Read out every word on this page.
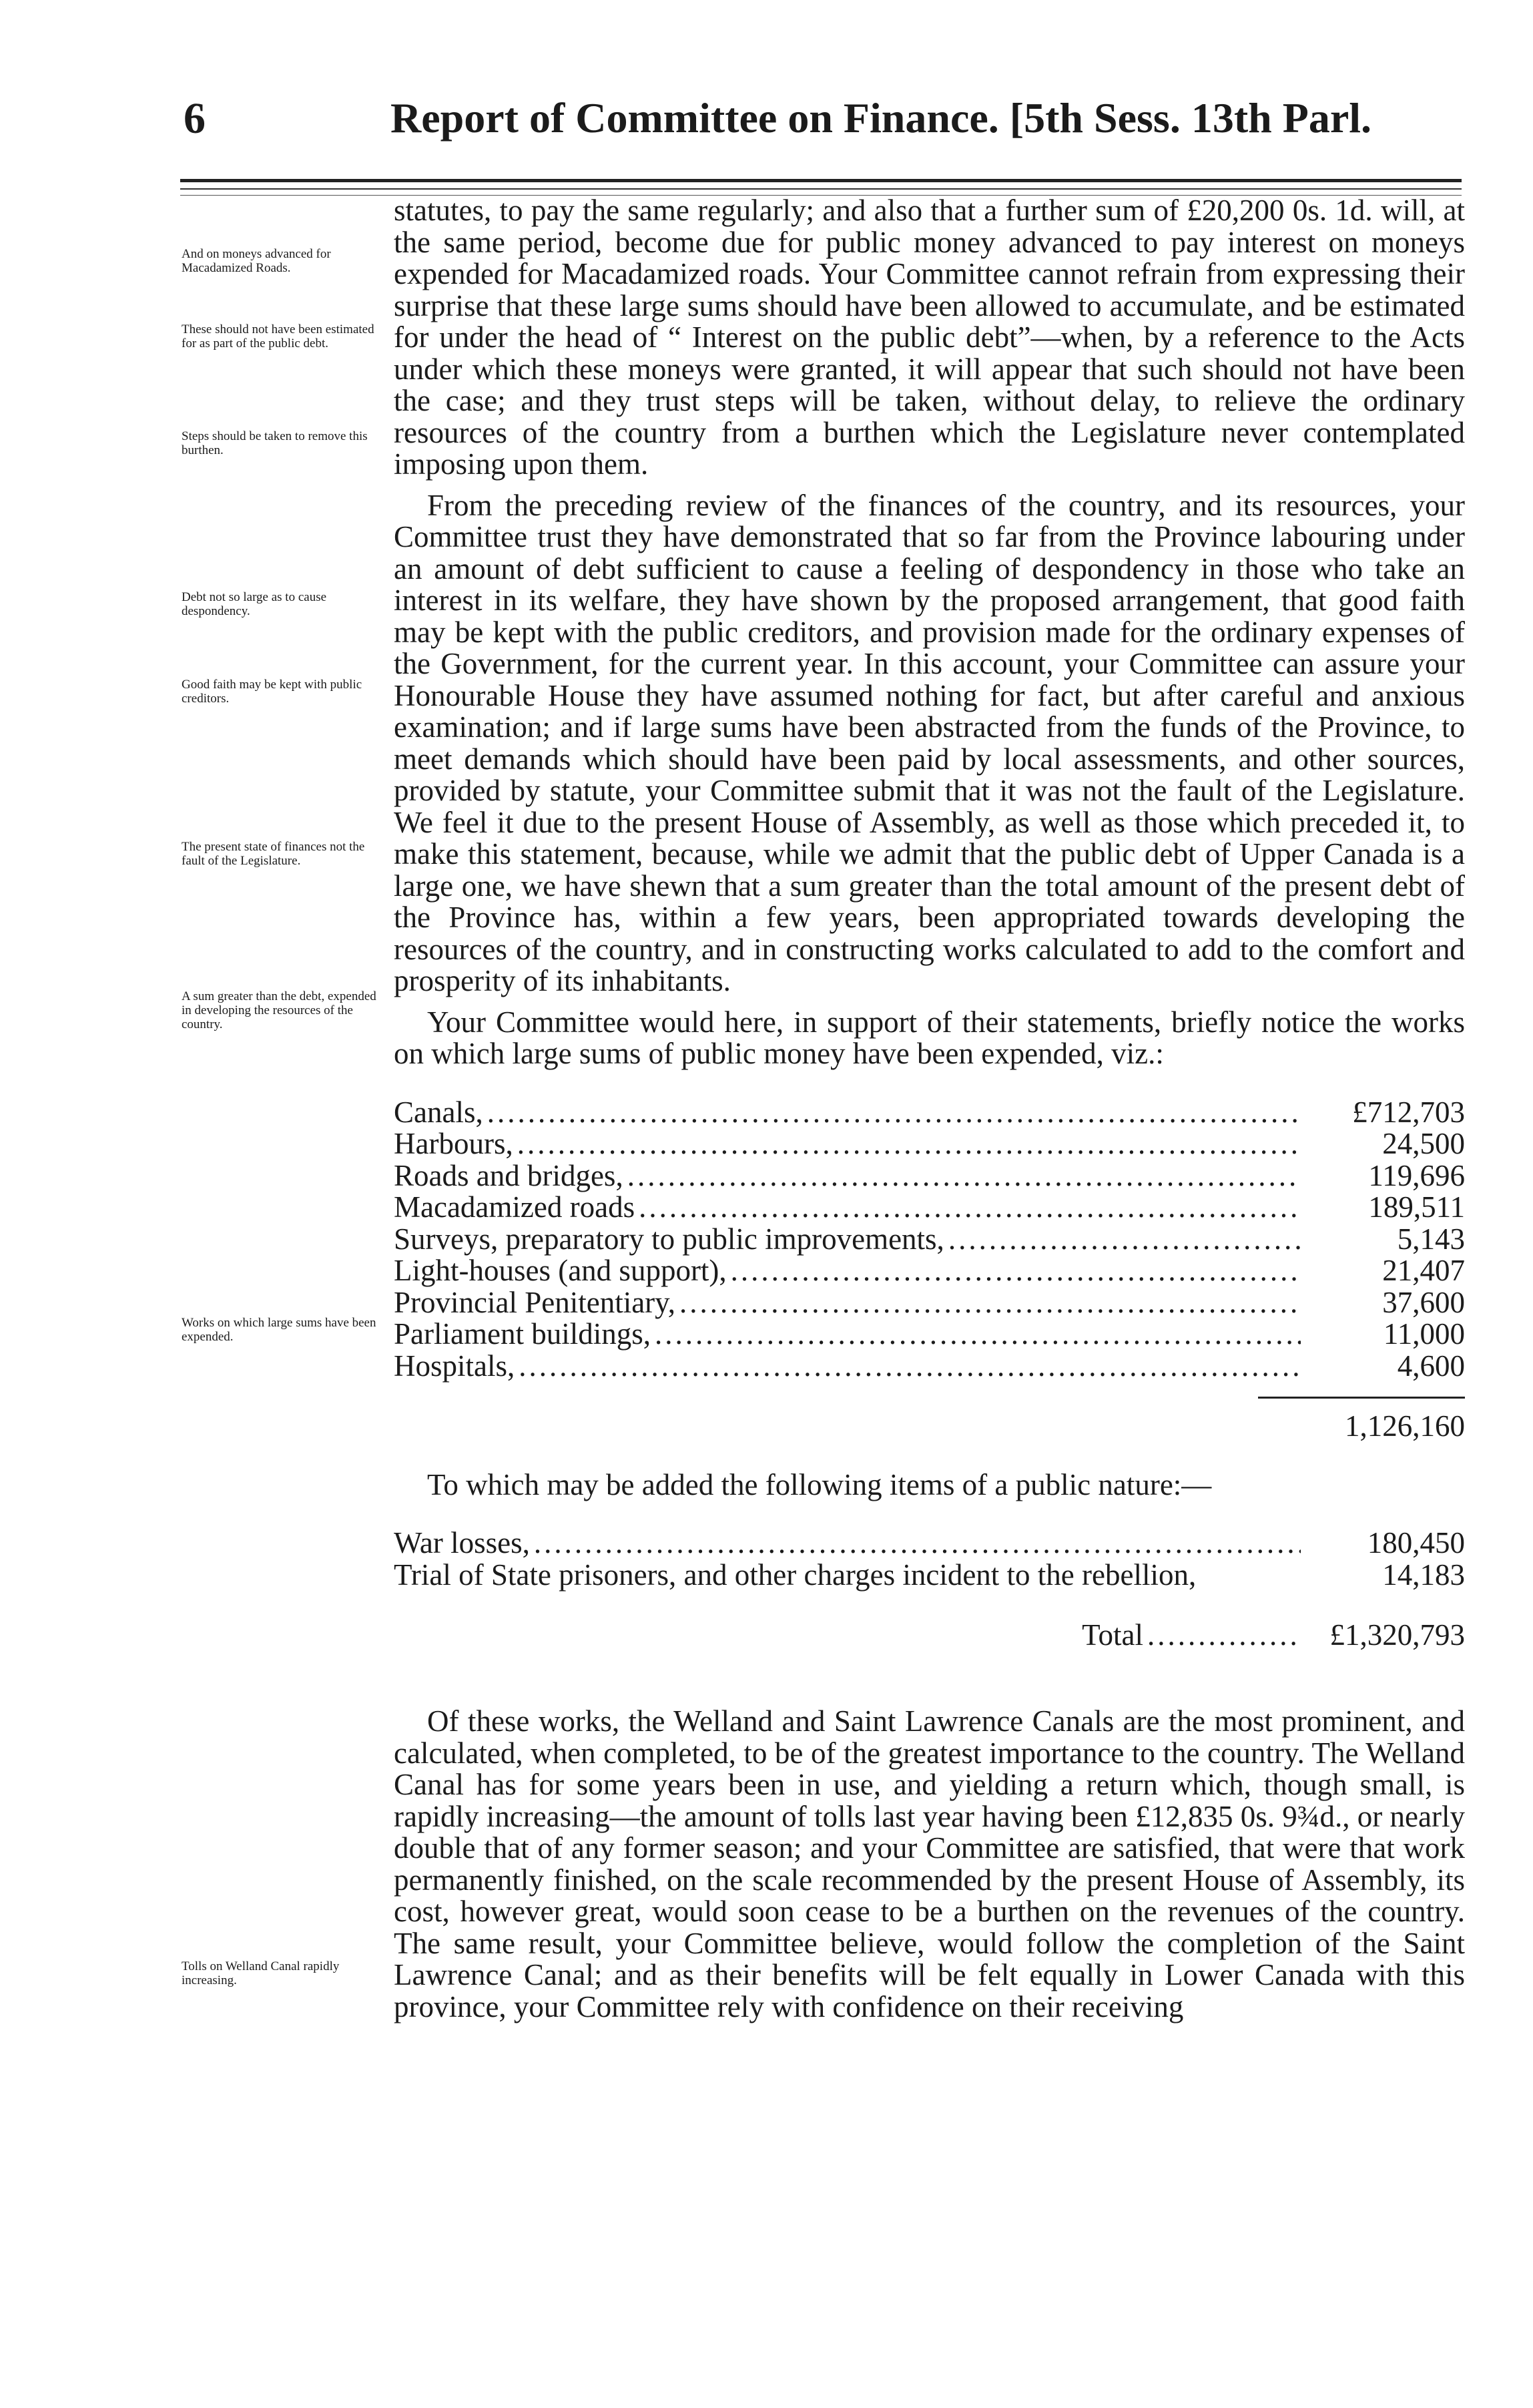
6	Report of Committee on Finance. [5th Sess. 13th Parl.
And on moneys advanced for Macadamized Roads.
These should not have been estimated for as part of the public debt.
Steps should be taken to remove this burthen.
Debt not so large as to cause despondency.
Good faith may be kept with public creditors.
The present state of finances not the fault of the Legislature.
A sum greater than the debt, expended in developing the resources of the country.
Works on which large sums have been expended.
Tolls on Welland Canal rapidly increasing.

statutes, to pay the same regularly; and also that a further sum of £20,200 0s. 1d. will, at the same period, become due for public money advanced to pay interest on moneys expended for Macadamized roads. Your Committee cannot refrain from expressing their surprise that these large sums should have been allowed to accumulate, and be estimated for under the head of “ Interest on the public debt”—when, by a reference to the Acts under which these moneys were granted, it will appear that such should not have been the case; and they trust steps will be taken, without delay, to relieve the ordinary resources of the country from a burthen which the Legislature never contemplated imposing upon them.

From the preceding review of the finances of the country, and its resources, your Committee trust they have demonstrated that so far from the Province labouring under an amount of debt sufficient to cause a feeling of despondency in those who take an interest in its welfare, they have shown by the proposed arrangement, that good faith may be kept with the public creditors, and provision made for the ordinary expenses of the Government, for the current year. In this account, your Committee can assure your Honourable House they have assumed nothing for fact, but after careful and anxious examination; and if large sums have been abstracted from the funds of the Province, to meet demands which should have been paid by local assessments, and other sources, provided by statute, your Committee submit that it was not the fault of the Legislature. We feel it due to the present House of Assembly, as well as those which preceded it, to make this statement, because, while we admit that the public debt of Upper Canada is a large one, we have shewn that a sum greater than the total amount of the present debt of the Province has, within a few years, been appropriated towards developing the resources of the country, and in constructing works calculated to add to the comfort and prosperity of its inhabitants.

Your Committee would here, in support of their statements, briefly notice the works on which large sums of public money have been expended, viz.:

Canals, .....	£712,703
Harbours, .....	24,500
Roads and bridges, .....	119,696
Macadamized roads .....	189,511
Surveys, preparatory to public improvements, .....	5,143
Light-houses (and support), .....	21,407
Provincial Penitentiary, .....	37,600
Parliament buildings, .....	11,000
Hospitals, .....	4,600
1,126,160

To which may be added the following items of a public nature:—

War losses, .....	180,450
Trial of State prisoners, and other charges incident to the rebellion,	14,183
Total .....	£1,320,793

Of these works, the Welland and Saint Lawrence Canals are the most prominent, and calculated, when completed, to be of the greatest importance to the country. The Welland Canal has for some years been in use, and yielding a return which, though small, is rapidly increasing—the amount of tolls last year having been £12,835 0s. 9¾d., or nearly double that of any former season; and your Committee are satisfied, that were that work permanently finished, on the scale recommended by the present House of Assembly, its cost, however great, would soon cease to be a burthen on the revenues of the country. The same result, your Committee believe, would follow the completion of the Saint Lawrence Canal; and as their benefits will be felt equally in Lower Canada with this province, your Committee rely with confidence on their receiving
